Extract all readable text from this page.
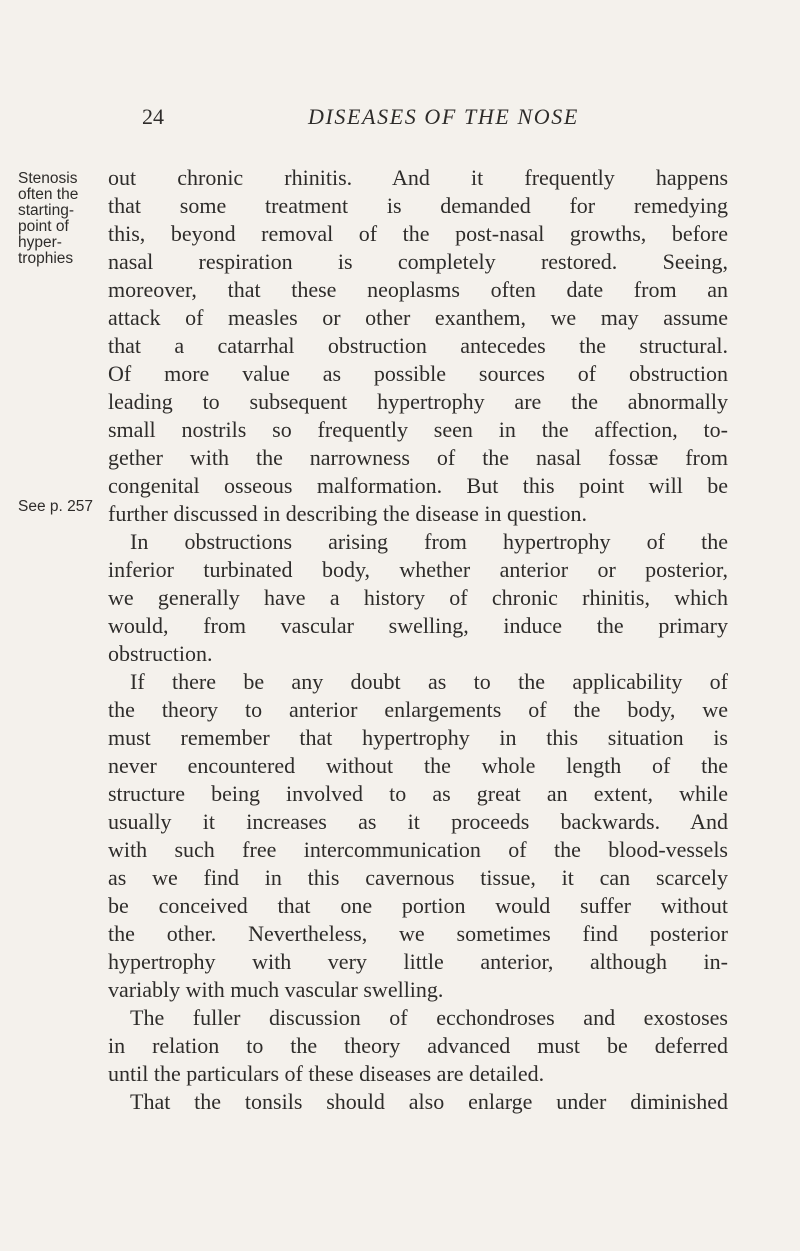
24	DISEASES OF THE NOSE
Stenosis
often the
starting-
point of
hyper-
trophies
See p. 257
out chronic rhinitis. And it frequently happens
that some treatment is demanded for remedying
this, beyond removal of the post-nasal growths, before
nasal respiration is completely restored. Seeing,
moreover, that these neoplasms often date from an
attack of measles or other exanthem, we may assume
that a catarrhal obstruction antecedes the structural.
Of more value as possible sources of obstruction
leading to subsequent hypertrophy are the abnormally
small nostrils so frequently seen in the affection, to-
gether with the narrowness of the nasal fossæ from
congenital osseous malformation. But this point will be
further discussed in describing the disease in question.
In obstructions arising from hypertrophy of the
inferior turbinated body, whether anterior or posterior,
we generally have a history of chronic rhinitis, which
would, from vascular swelling, induce the primary
obstruction.
If there be any doubt as to the applicability of
the theory to anterior enlargements of the body, we
must remember that hypertrophy in this situation is
never encountered without the whole length of the
structure being involved to as great an extent, while
usually it increases as it proceeds backwards. And
with such free intercommunication of the blood-vessels
as we find in this cavernous tissue, it can scarcely
be conceived that one portion would suffer without
the other. Nevertheless, we sometimes find posterior
hypertrophy with very little anterior, although in-
variably with much vascular swelling.
The fuller discussion of ecchondroses and exostoses
in relation to the theory advanced must be deferred
until the particulars of these diseases are detailed.
That the tonsils should also enlarge under diminished
